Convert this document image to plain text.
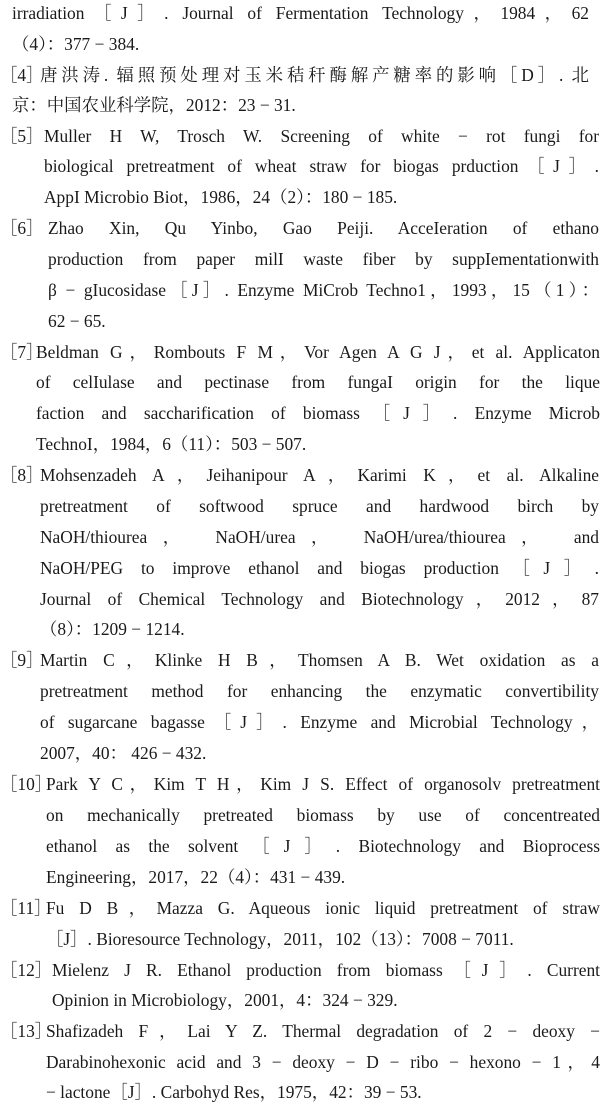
irradiation［J］. Journal of Fermentation Technology，1984，62
（4）：377 − 384.
［4］
唐洪涛. 辐照预处理对玉米秸秆酶解产糖率的影响［D］. 北
京：中国农业科学院，2012：23 − 31.
［5］ Muller H W, Trosch W. Screening of white − rot fungi for
biological pretreatment of wheat straw for biogas prduction［J］.
AppI Microbio Biot，1986，24（2）：180 − 185.
［6］ Zhao Xin, Qu Yinbo, Gao Peiji. AcceIeration of ethano
production from paper milI waste fiber by suppIementationwith
β − gIucosidase［J］. Enzyme MiCrob Techno1，1993，15（1）：
62 − 65.
［7］
Beldman G，Rombouts F M，Vor Agen A G J，et al. Applicaton
of celIulase and pectinase from fungaI origin for the lique
faction and saccharification of biomass［J］. Enzyme Microb
TechnoI，1984，6（11）：503 − 507.
［8］
Mohsenzadeh A，Jeihanipour A，Karimi K，et al. Alkaline
pretreatment of softwood spruce and hardwood birch by
NaOH/thiourea， NaOH/urea， NaOH/urea/thiourea， and
NaOH/PEG to improve ethanol and biogas production［J］.
Journal of Chemical Technology and Biotechnology，2012，87
（8）：1209 − 1214.
［9］
Martin C，Klinke H B，Thomsen A B. Wet oxidation as a
pretreatment method for enhancing the enzymatic convertibility
of sugarcane bagasse［J］. Enzyme and Microbial Technology，
2007，40： 426 − 432.
［10］
Park Y C，Kim T H，Kim J S. Effect of organosolv pretreatment
on mechanically pretreated biomass by use of concentreated
ethanol as the solvent［J］. Biotechnology and Bioprocess
Engineering，2017，22（4）：431 − 439.
［11］
Fu D B，Mazza G. Aqueous ionic liquid pretreatment of straw
［J］. Bioresource Technology，2011，102（13）：7008 − 7011.
［12］ Mielenz J R. Ethanol production from biomass［J］. Current
Opinion in Microbiology，2001，4：324 − 329.
［13］
Shafizadeh F，Lai Y Z. Thermal degradation of 2 − deoxy −
Darabinohexonic acid and 3 − deoxy − D − ribo − hexono − 1，4
− lactone［J］. Carbohyd Res，1975，42：39 − 53.
